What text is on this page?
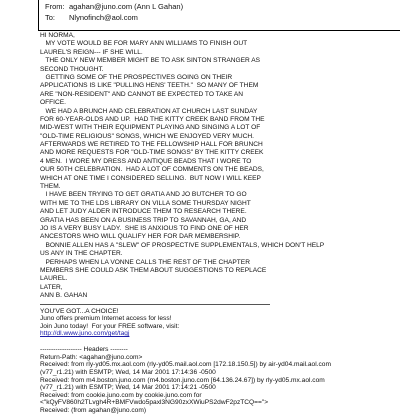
From: agahan@juno.com (Ann L Gahan)
To: Nlynofinch@aol.com
HI NORMA,
MY VOTE WOULD BE FOR MARY ANN WILLIAMS TO FINISH OUT
LAUREL'S REIGN--- IF SHE WILL.
THE ONLY NEW MEMBER MIGHT BE TO ASK SINTON STRANGER AS
SECOND THOUGHT.
GETTING SOME OF THE PROSPECTIVES GOING ON THEIR
APPLICATIONS IS LIKE "PULLING HENS' TEETH."  SO MANY OF THEM
ARE "NON-RESIDENT" AND CANNOT BE EXPECTED TO TAKE AN
OFFICE.
WE HAD A BRUNCH AND CELEBRATION AT CHURCH LAST SUNDAY
FOR 60-YEAR-OLDS AND UP.  HAD THE KITTY CREEK BAND FROM THE
MID-WEST WITH THEIR EQUIPMENT PLAYING AND SINGING A LOT OF
"OLD-TIME RELIGIOUS" SONGS, WHICH WE ENJOYED VERY MUCH.
AFTERWARDS WE RETIRED TO THE FELLOWSHIP HALL FOR BRUNCH
AND MORE REQUESTS FOR "OLD-TIME SONGS" BY THE KITTY CREEK
4 MEN.  I WORE MY DRESS AND ANTIQUE BEADS THAT I WORE TO
OUR 50TH CELEBRATION.  HAD A LOT OF COMMENTS ON THE BEADS,
WHICH AT ONE TIME I CONSIDERED SELLING.  BUT NOW I WILL KEEP
THEM.
I HAVE BEEN TRYING TO GET GRATIA AND JO BUTCHER TO GO
WITH ME TO THE LDS LIBRARY ON VILLA SOME THURSDAY NIGHT
AND LET JUDY ALDER INTRODUCE THEM TO RESEARCH THERE.
GRATIA HAS BEEN ON A BUSINESS TRIP TO SAVANNAH, GA, AND
JO IS A VERY BUSY LADY.  SHE IS ANXIOUS TO FIND ONE OF HER
ANCESTORS WHO WILL QUALIFY HER FOR DAR MEMBERSHIP.
BONNIE ALLEN HAS A "SLEW" OF PROSPECTIVE SUPPLEMENTALS, WHICH DON'T HELP
US ANY IN THE CHAPTER.
PERHAPS WHEN LA VONNE CALLS THE REST OF THE CHAPTER
MEMBERS SHE COULD ASK THEM ABOUT SUGGESTIONS TO REPLACE
LAUREL.
LATER,
ANN B. GAHAN
YOU'VE GOT...A CHOICE!
Juno offers premium Internet access for less!
Join Juno today!  For your FREE software, visit:
http://dl.www.juno.com/get/tagj
------------------- Headers --------
Return-Path: <agahan@juno.com>
Received: from rly-yd05.mx.aol.com (rly-yd05.mail.aol.com [172.18.150.5]) by air-yd04.mail.aol.com
(v77_r1.21) with ESMTP; Wed, 14 Mar 2001 17:14:36 -0500
Received: from m4.boston.juno.com (m4.boston.juno.com [64.136.24.67]) by rly-yd05.mx.aol.com
(v77_r1.21) with ESMTP; Wed, 14 Mar 2001 17:14:21 -0500
Received: from cookie.juno.com by cookie.juno.com for
<"kQyFV860h2TLvgh4R+BMFVwdo5paxl3NG90zxXWiuPS2dwF2pzTCQ==">
Received: (from agahan@juno.com)
